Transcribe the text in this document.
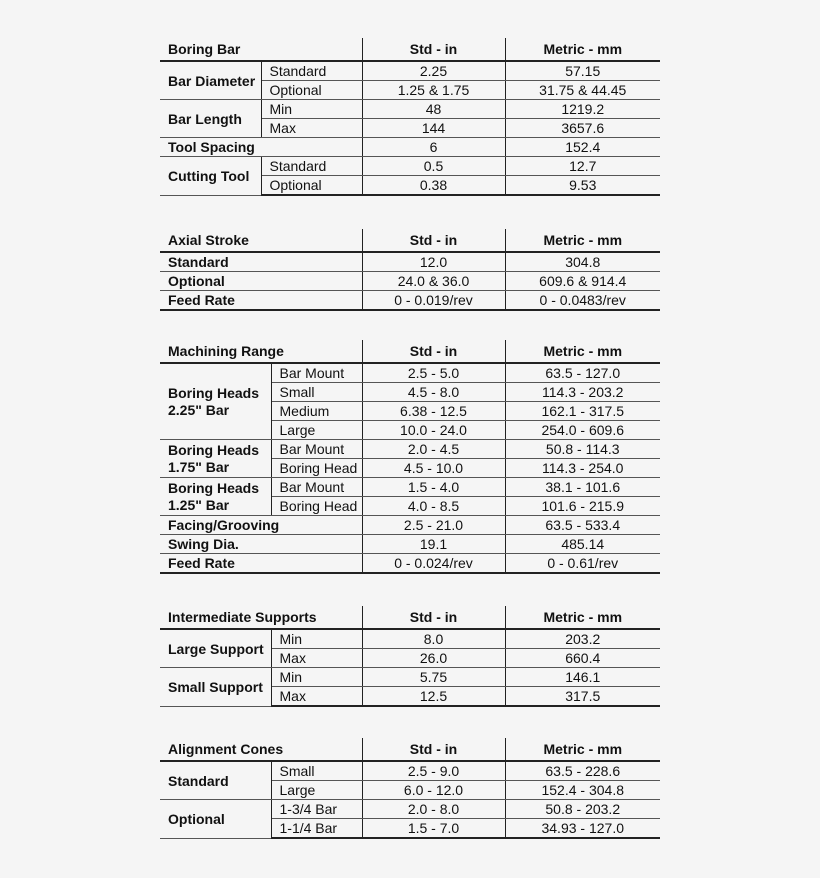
Boring Bar		Std - in	Metric - mm
Bar Diameter	Standard	2.25	57.15
	Optional	1.25 & 1.75	31.75 & 44.45
Bar Length	Min	48	1219.2
	Max	144	3657.6
Tool Spacing		6	152.4
Cutting Tool	Standard	0.5	12.7
	Optional	0.38	9.53
Axial Stroke	Std - in	Metric - mm
Standard	12.0	304.8
Optional	24.0 & 36.0	609.6 & 914.4
Feed Rate	0 - 0.019/rev	0 - 0.0483/rev
Machining Range		Std - in	Metric - mm
Boring Heads 2.25" Bar	Bar Mount	2.5 - 5.0	63.5 - 127.0
	Small	4.5 - 8.0	114.3 - 203.2
	Medium	6.38 - 12.5	162.1 - 317.5
	Large	10.0 - 24.0	254.0 - 609.6
Boring Heads 1.75" Bar	Bar Mount	2.0 - 4.5	50.8 - 114.3
	Boring Head	4.5 - 10.0	114.3 - 254.0
Boring Heads 1.25" Bar	Bar Mount	1.5 - 4.0	38.1 - 101.6
	Boring Head	4.0 - 8.5	101.6 - 215.9
Facing/Grooving		2.5 - 21.0	63.5 - 533.4
Swing Dia.		19.1	485.14
Feed Rate		0 - 0.024/rev	0 - 0.61/rev
Intermediate Supports		Std - in	Metric - mm
Large Support	Min	8.0	203.2
	Max	26.0	660.4
Small Support	Min	5.75	146.1
	Max	12.5	317.5
Alignment Cones		Std - in	Metric - mm
Standard	Small	2.5 - 9.0	63.5 - 228.6
	Large	6.0 - 12.0	152.4 - 304.8
Optional	1-3/4 Bar	2.0 - 8.0	50.8 - 203.2
	1-1/4 Bar	1.5 - 7.0	34.93 - 127.0
